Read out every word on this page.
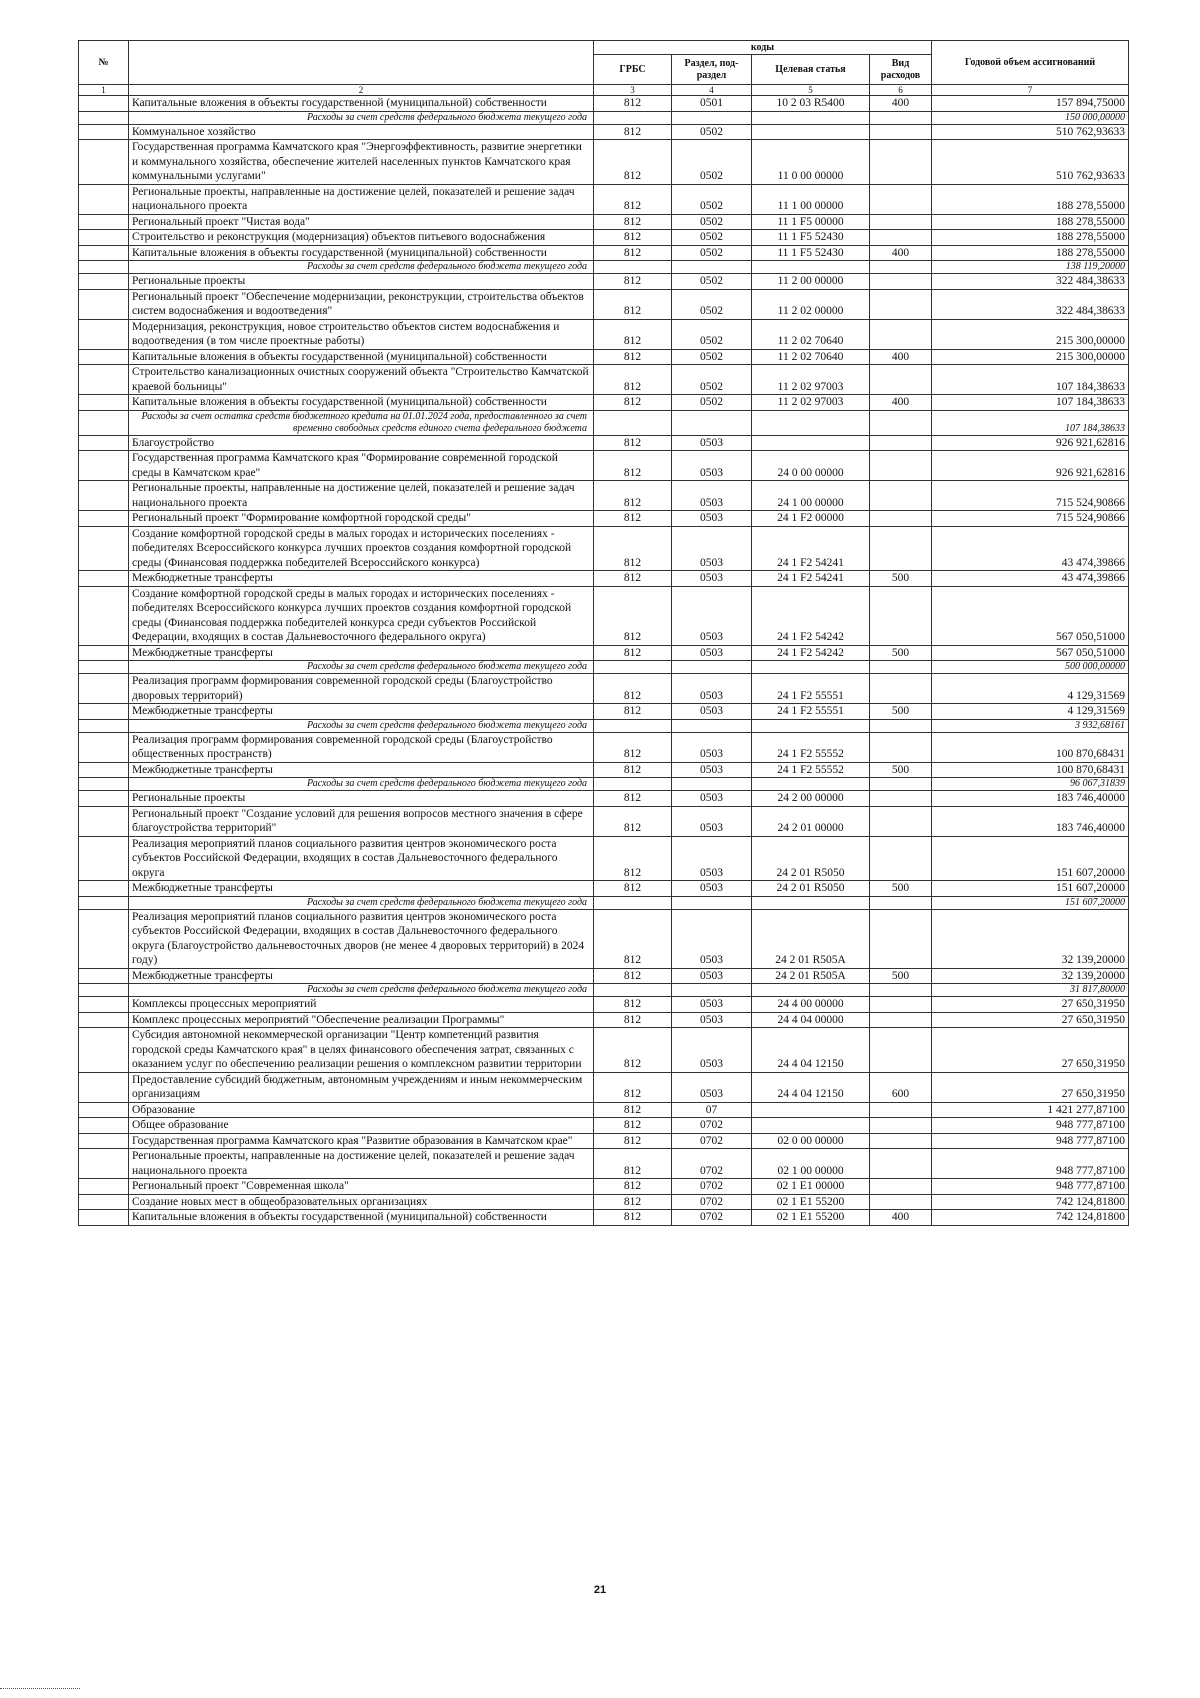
№		коды				Годовой объем ассигнований
		ГРБС	Раздел, под-раздел	Целевая статья	Вид расходов	
1	2	3	4	5	6	7
	Капитальные вложения в объекты государственной (муниципальной) собственности	812	0501	10 2 03 R5400	400	157 894,75000
	Расходы за счет средств федерального бюджета текущего года					150 000,00000
	Коммунальное хозяйство	812	0502			510 762,93633
	Государственная программа Камчатского края "Энергоэффективность, развитие энергетики и коммунального хозяйства, обеспечение жителей населенных пунктов Камчатского края коммунальными услугами"	812	0502	11 0 00 00000		510 762,93633
	Региональные проекты, направленные на достижение целей, показателей и решение задач национального проекта	812	0502	11 1 00 00000		188 278,55000
	Региональный проект "Чистая вода"	812	0502	11 1 F5 00000		188 278,55000
	Строительство и реконструкция (модернизация) объектов питьевого водоснабжения	812	0502	11 1 F5 52430		188 278,55000
	Капитальные вложения в объекты государственной (муниципальной) собственности	812	0502	11 1 F5 52430	400	188 278,55000
	Расходы за счет средств федерального бюджета текущего года					138 119,20000
	Региональные проекты	812	0502	11 2 00 00000		322 484,38633
	Региональный проект "Обеспечение модернизации, реконструкции, строительства объектов систем водоснабжения и водоотведения"	812	0502	11 2 02 00000		322 484,38633
	Модернизация, реконструкция, новое строительство объектов систем водоснабжения и водоотведения (в том числе проектные работы)	812	0502	11 2 02 70640		215 300,00000
	Капитальные вложения в объекты государственной (муниципальной) собственности	812	0502	11 2 02 70640	400	215 300,00000
	Строительство канализационных очистных сооружений объекта "Строительство Камчатской краевой больницы"	812	0502	11 2 02 97003		107 184,38633
	Капитальные вложения в объекты государственной (муниципальной) собственности	812	0502	11 2 02 97003	400	107 184,38633
	Расходы за счет остатка средств бюджетного кредита на 01.01.2024 года, предоставленного за счет временно свободных средств единого счета федерального бюджета					107 184,38633
	Благоустройство	812	0503			926 921,62816
	Государственная программа Камчатского края "Формирование современной городской среды в Камчатском крае"	812	0503	24 0 00 00000		926 921,62816
	Региональные проекты, направленные на достижение целей, показателей и решение задач национального проекта	812	0503	24 1 00 00000		715 524,90866
	Региональный проект "Формирование комфортной городской среды"	812	0503	24 1 F2 00000		715 524,90866
	Создание комфортной городской среды в малых городах и исторических поселениях - победителях Всероссийского конкурса лучших проектов создания комфортной городской среды (Финансовая поддержка победителей Всероссийского конкурса)	812	0503	24 1 F2 54241		43 474,39866
	Межбюджетные трансферты	812	0503	24 1 F2 54241	500	43 474,39866
	Создание комфортной городской среды в малых городах и исторических поселениях - победителях Всероссийского конкурса лучших проектов создания комфортной городской среды (Финансовая поддержка победителей конкурса среди субъектов Российской Федерации, входящих в состав Дальневосточного федерального округа)	812	0503	24 1 F2 54242		567 050,51000
	Межбюджетные трансферты	812	0503	24 1 F2 54242	500	567 050,51000
	Расходы за счет средств федерального бюджета текущего года					500 000,00000
	Реализация программ формирования современной городской среды (Благоустройство дворовых территорий)	812	0503	24 1 F2 55551		4 129,31569
	Межбюджетные трансферты	812	0503	24 1 F2 55551	500	4 129,31569
	Расходы за счет средств федерального бюджета текущего года					3 932,68161
	Реализация программ формирования современной городской среды (Благоустройство общественных пространств)	812	0503	24 1 F2 55552		100 870,68431
	Межбюджетные трансферты	812	0503	24 1 F2 55552	500	100 870,68431
	Расходы за счет средств федерального бюджета текущего года					96 067,31839
	Региональные проекты	812	0503	24 2 00 00000		183 746,40000
	Региональный проект "Создание условий для решения вопросов местного значения в сфере благоустройства территорий"	812	0503	24 2 01 00000		183 746,40000
	Реализация мероприятий планов социального развития центров экономического роста субъектов Российской Федерации, входящих в состав Дальневосточного федерального округа	812	0503	24 2 01 R5050		151 607,20000
	Межбюджетные трансферты	812	0503	24 2 01 R5050	500	151 607,20000
	Расходы за счет средств федерального бюджета текущего года					151 607,20000
	Реализация мероприятий планов социального развития центров экономического роста субъектов Российской Федерации, входящих в состав Дальневосточного федерального округа (Благоустройство дальневосточных дворов (не менее 4 дворовых территорий) в 2024 году)	812	0503	24 2 01 R505A		32 139,20000
	Межбюджетные трансферты	812	0503	24 2 01 R505A	500	32 139,20000
	Расходы за счет средств федерального бюджета текущего года					31 817,80000
	Комплексы процессных мероприятий	812	0503	24 4 00 00000		27 650,31950
	Комплекс процессных мероприятий "Обеспечение реализации Программы"	812	0503	24 4 04 00000		27 650,31950
	Субсидия автономной некоммерческой организации "Центр компетенций развития городской среды Камчатского края" в целях финансового обеспечения затрат, связанных с оказанием услуг по обеспечению реализации решения о комплексном развитии территории	812	0503	24 4 04 12150		27 650,31950
	Предоставление субсидий бюджетным, автономным учреждениям и иным некоммерческим организациям	812	0503	24 4 04 12150	600	27 650,31950
	Образование	812	07			1 421 277,87100
	Общее образование	812	0702			948 777,87100
	Государственная программа Камчатского края "Развитие образования в Камчатском крае"	812	0702	02 0 00 00000		948 777,87100
	Региональные проекты, направленные на достижение целей, показателей и решение задач национального проекта	812	0702	02 1 00 00000		948 777,87100
	Региональный проект "Современная школа"	812	0702	02 1 E1 00000		948 777,87100
	Создание новых мест в общеобразовательных организациях	812	0702	02 1 E1 55200		742 124,81800
	Капитальные вложения в объекты государственной (муниципальной) собственности	812	0702	02 1 E1 55200	400	742 124,81800
21
